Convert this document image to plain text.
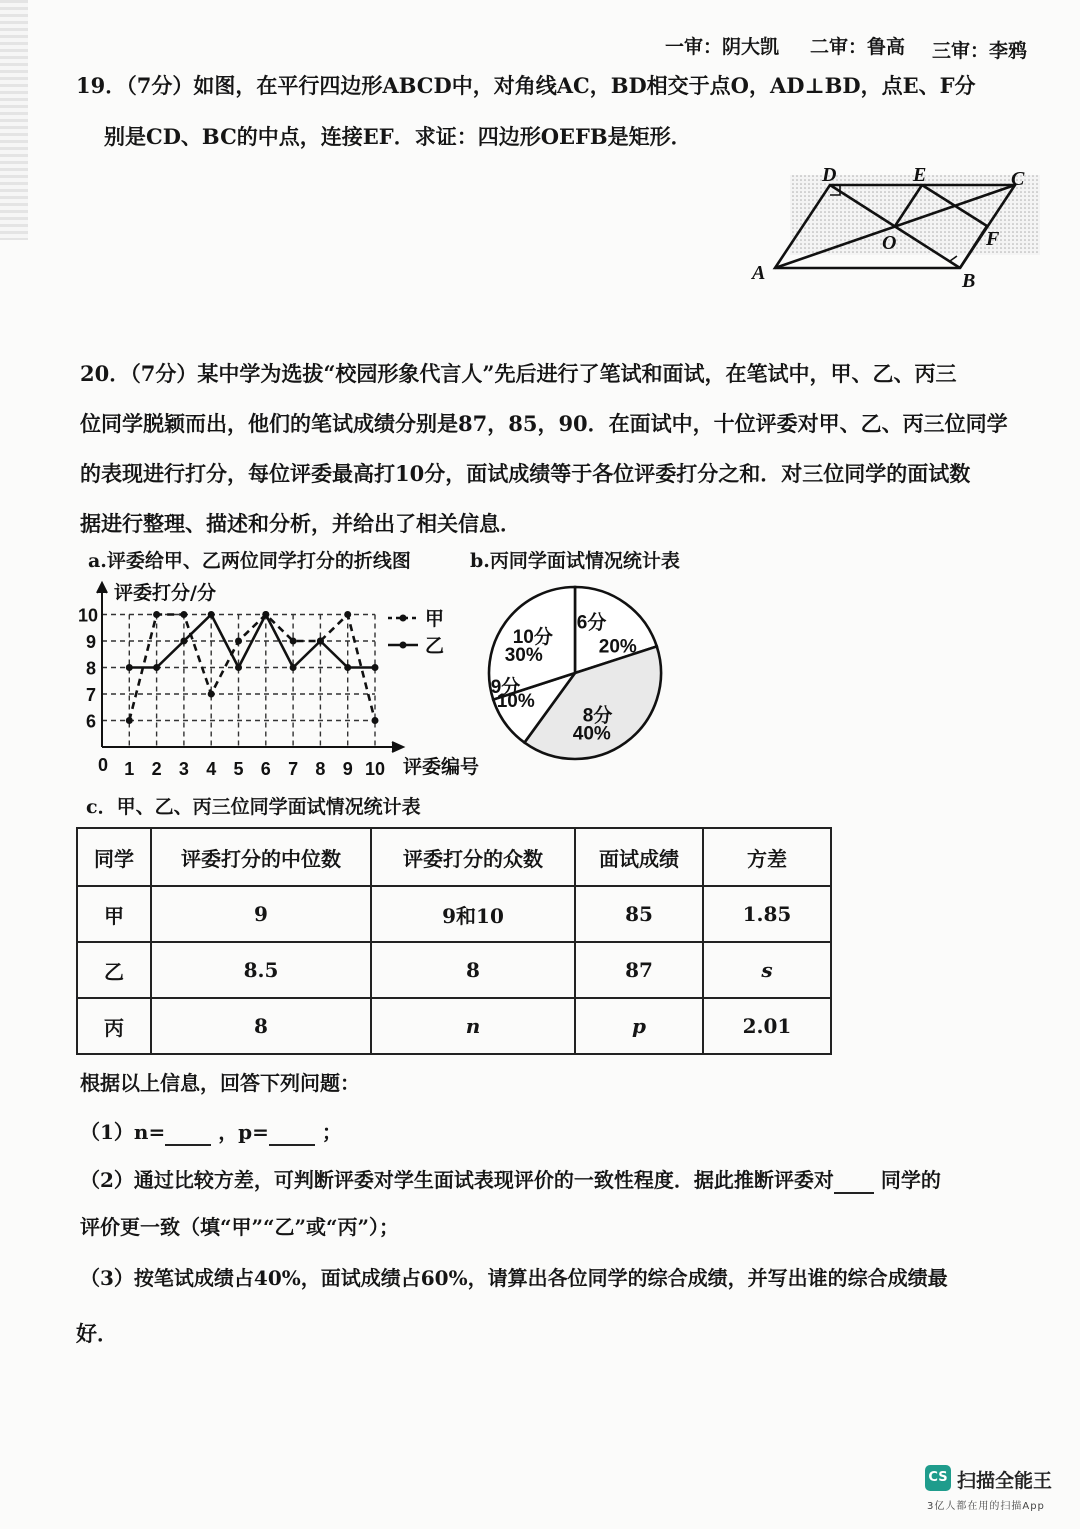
一审：阴大凯 二审：鲁高 三审：李鸦
19．（7分）如图，在平行四边形ABCD中，对角线AC，BD相交于点O，AD⊥BD，点E、F分
别是CD、BC的中点，连接EF．求证：四边形OEFB是矩形．
A	B
C
D	E
F
O
20．（7分）某中学为选拔“校园形象代言人”先后进行了笔试和面试，在笔试中，甲、乙、丙三
位同学脱颖而出，他们的笔试成绩分别是87，85，90．在面试中，十位评委对甲、乙、丙三位同学
的表现进行打分，每位评委最高打10分，面试成绩等于各位评委打分之和．对三位同学的面试数
据进行整理、描述和分析，并给出了相关信息．
a.评委给甲、乙两位同学打分的折线图	b.丙同学面试情况统计表
1 2 3 4 5 6 7 8 9 10
6
7
8
9
10
评委打分/分
评委编号
0
甲
乙
6分
20%
8分
40%
9分
10%
10分
30%
c．甲、乙、丙三位同学面试情况统计表
同学	评委打分的中位数	评委打分的众数	面试成绩	方差
甲	9	9和10	85	1.85
乙	8.5	8	87	s
丙	8	n	p	2.01
根据以上信息，回答下列问题：
（1）n=	，p=	；
（2）通过比较方差，可判断评委对学生面试表现评价的一致性程度．据此推断评委对 同学的
评价更一致（填“甲”“乙”或“丙”）；
（3）按笔试成绩占40%，面试成绩占60%，请算出各位同学的综合成绩，并写出谁的综合成绩最
好．
CS 扫描全能王
3亿人都在用的扫描App
